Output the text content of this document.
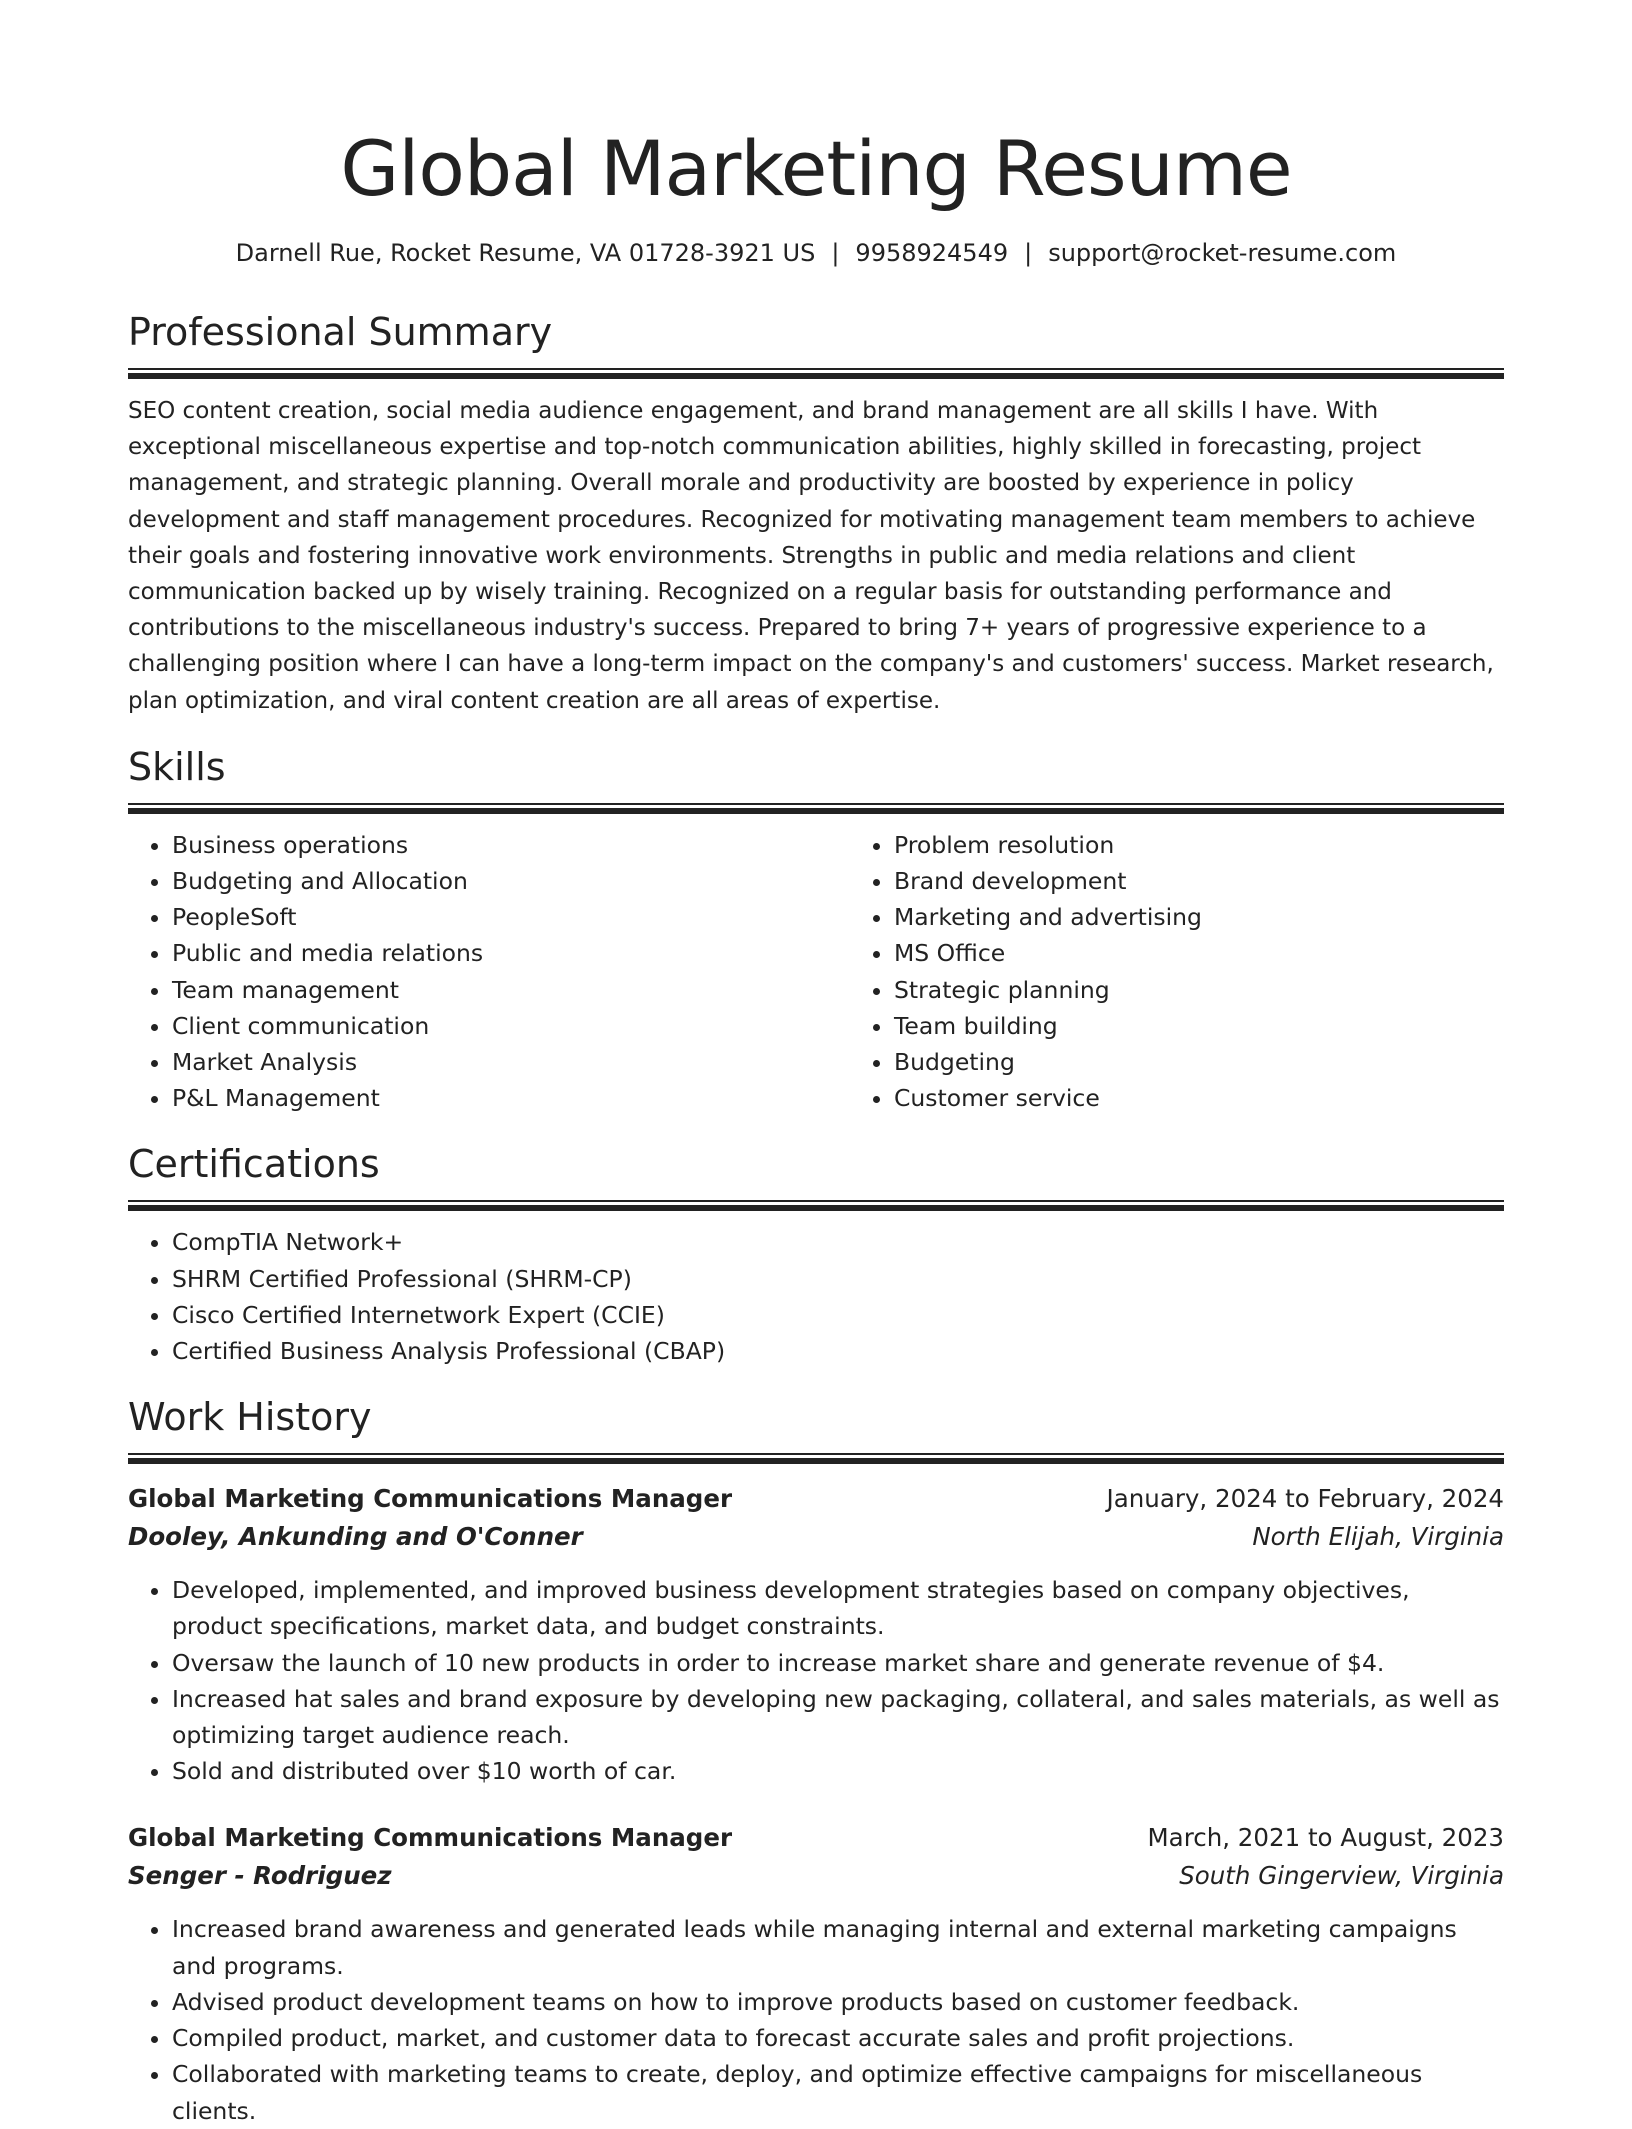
Global Marketing Resume
Darnell Rue, Rocket Resume, VA 01728-3921 US | 9958924549 | support@rocket-resume.com
Professional Summary
SEO content creation, social media audience engagement, and brand management are all skills I have. With exceptional miscellaneous expertise and top-notch communication abilities, highly skilled in forecasting, project management, and strategic planning. Overall morale and productivity are boosted by experience in policy development and staff management procedures. Recognized for motivating management team members to achieve their goals and fostering innovative work environments. Strengths in public and media relations and client communication backed up by wisely training. Recognized on a regular basis for outstanding performance and contributions to the miscellaneous industry's success. Prepared to bring 7+ years of progressive experience to a challenging position where I can have a long-term impact on the company's and customers' success. Market research, plan optimization, and viral content creation are all areas of expertise.
Skills
• Business operations
• Budgeting and Allocation
• PeopleSoft
• Public and media relations
• Team management
• Client communication
• Market Analysis
• P&L Management
• Problem resolution
• Brand development
• Marketing and advertising
• MS Office
• Strategic planning
• Team building
• Budgeting
• Customer service
Certifications
• CompTIA Network+
• SHRM Certified Professional (SHRM-CP)
• Cisco Certified Internetwork Expert (CCIE)
• Certified Business Analysis Professional (CBAP)
Work History
Global Marketing Communications Manager	January, 2024 to February, 2024
Dooley, Ankunding and O'Conner	North Elijah, Virginia
• Developed, implemented, and improved business development strategies based on company objectives, product specifications, market data, and budget constraints.
• Oversaw the launch of 10 new products in order to increase market share and generate revenue of $4.
• Increased hat sales and brand exposure by developing new packaging, collateral, and sales materials, as well as optimizing target audience reach.
• Sold and distributed over $10 worth of car.
Global Marketing Communications Manager	March, 2021 to August, 2023
Senger - Rodriguez	South Gingerview, Virginia
• Increased brand awareness and generated leads while managing internal and external marketing campaigns and programs.
• Advised product development teams on how to improve products based on customer feedback.
• Compiled product, market, and customer data to forecast accurate sales and profit projections.
• Collaborated with marketing teams to create, deploy, and optimize effective campaigns for miscellaneous clients.
